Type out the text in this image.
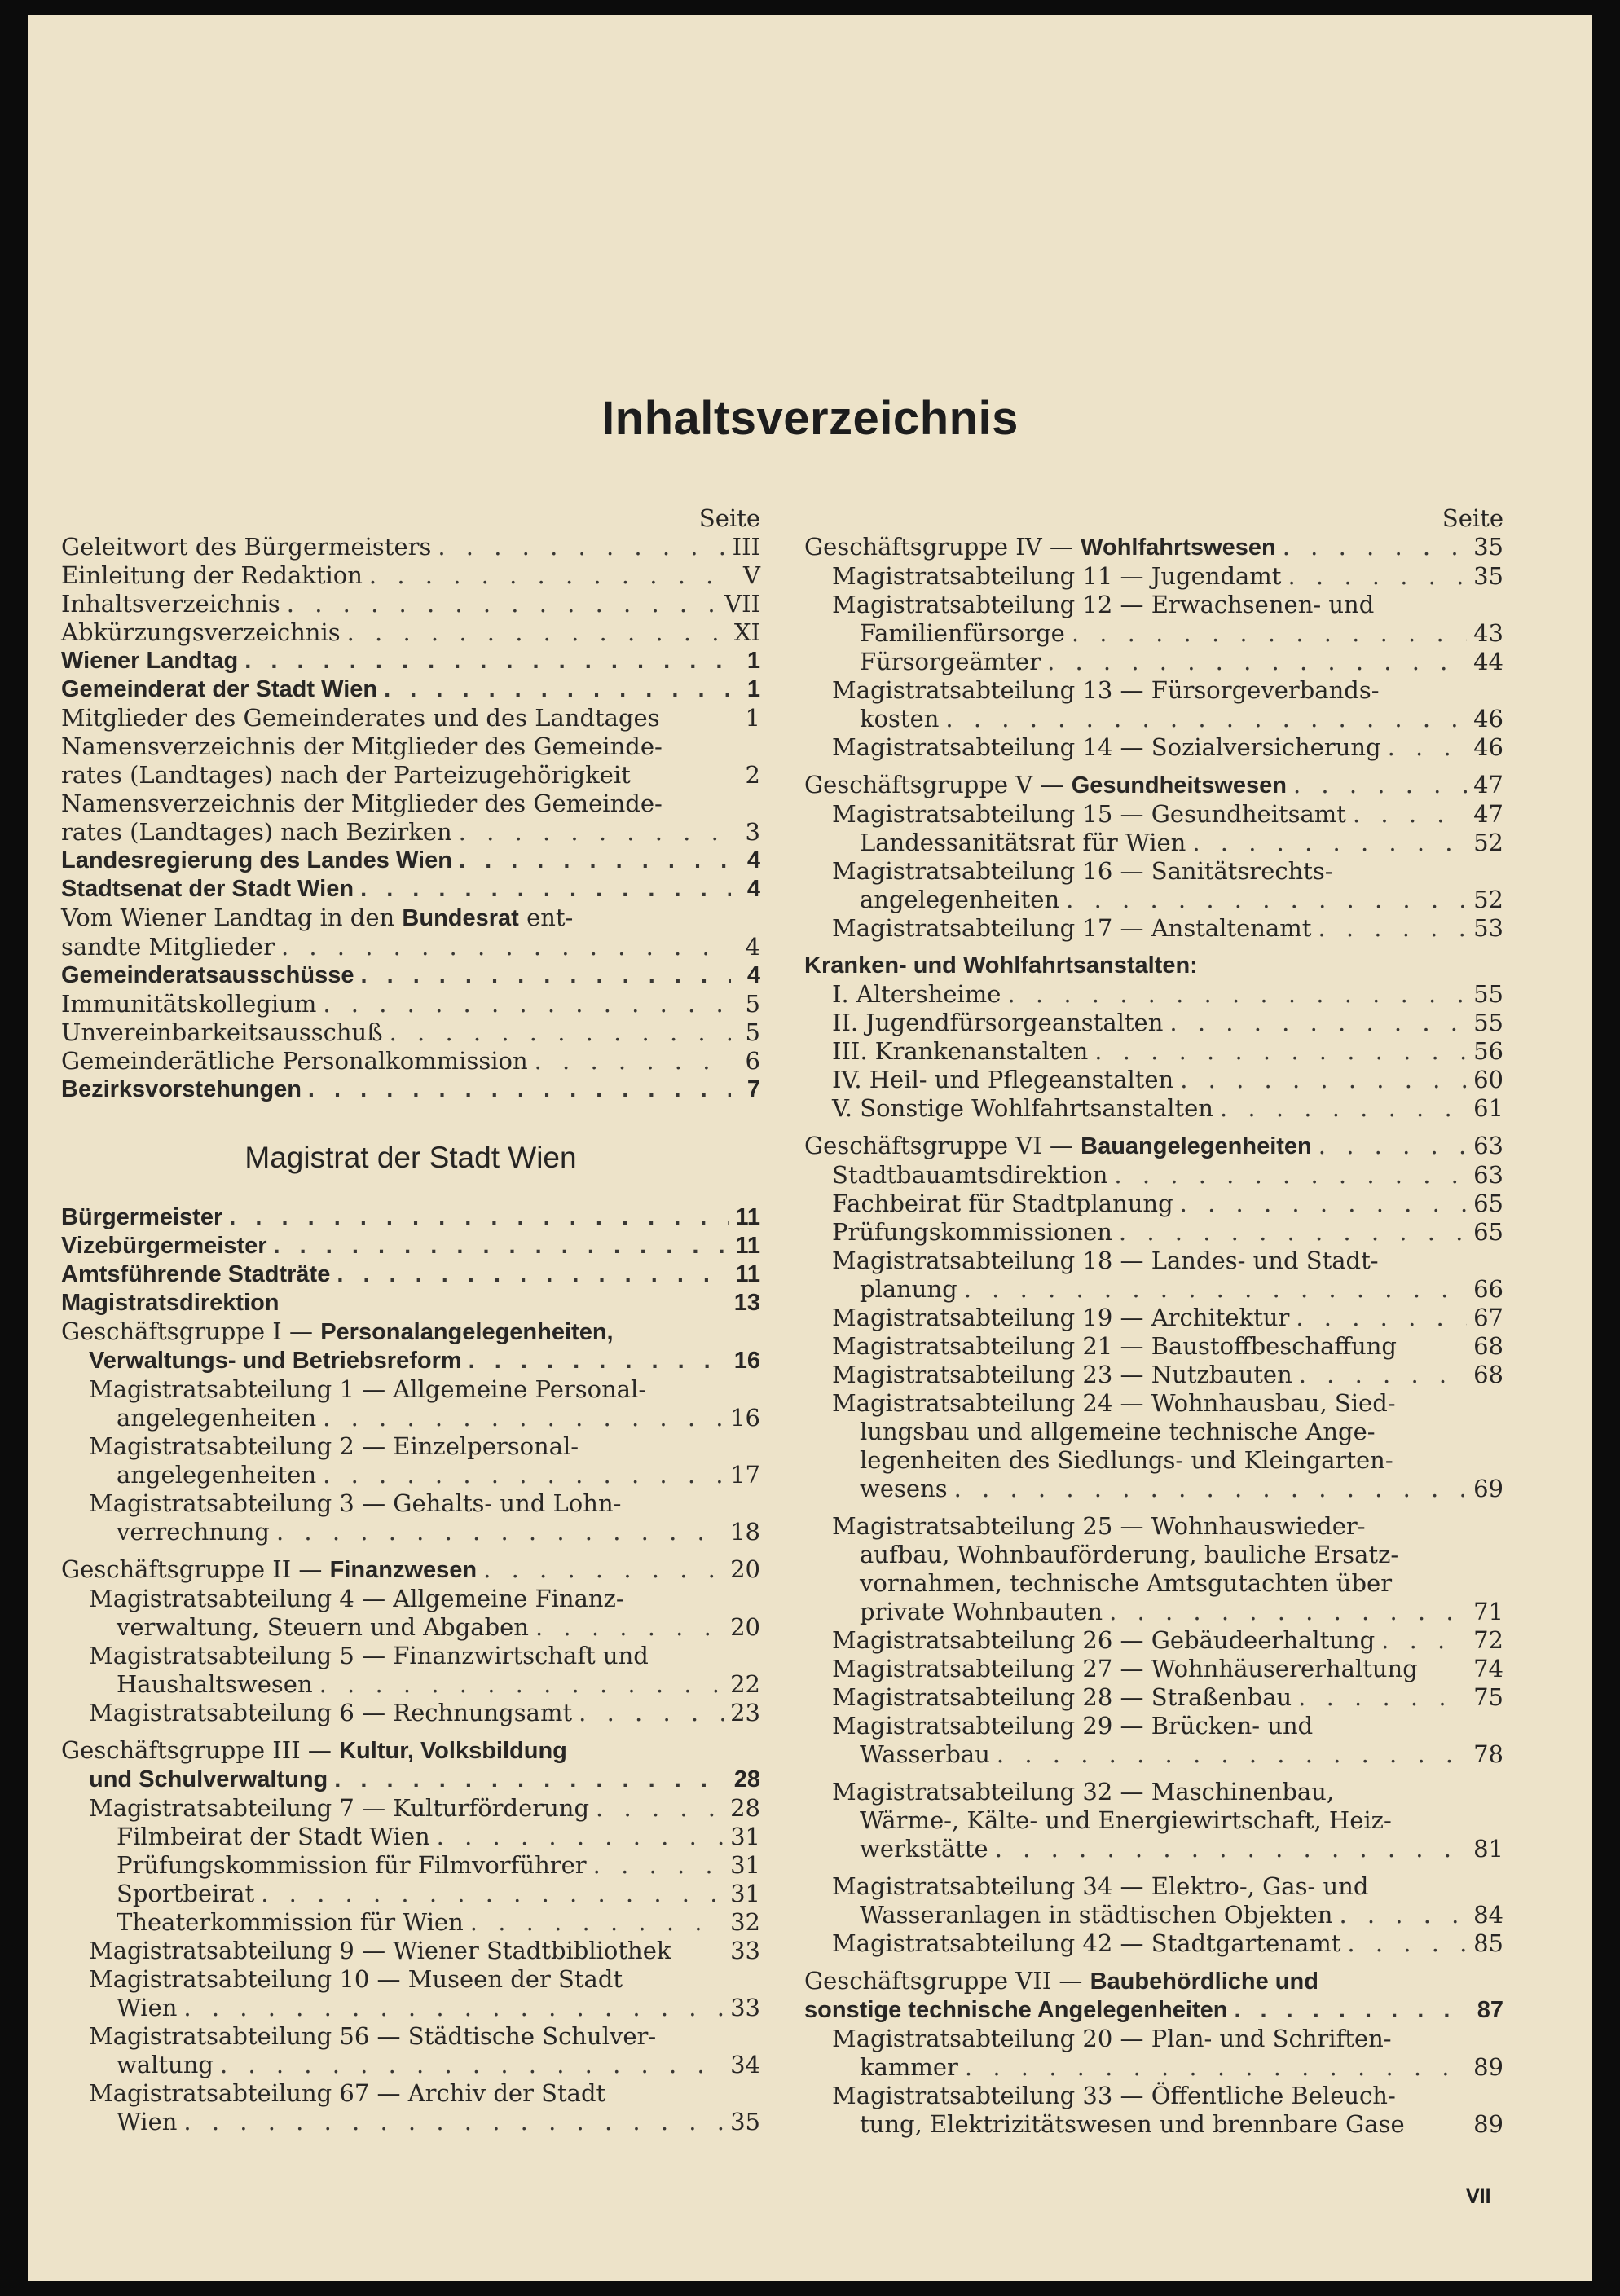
Inhaltsverzeichnis
Seite
Geleitwort des Bürgermeisters . . .	III
Einleitung der Redaktion . . .	V
Inhaltsverzeichnis . . .	VII
Abkürzungsverzeichnis . . .	XI
Wiener Landtag . . .	1
Gemeinderat der Stadt Wien . . .	1
Mitglieder des Gemeinderates und des Landtages	1
Namensverzeichnis der Mitglieder des Gemeinde-
rates (Landtages) nach der Parteizugehörigkeit	2
Namensverzeichnis der Mitglieder des Gemeinde-
rates (Landtages) nach Bezirken . . .	3
Landesregierung des Landes Wien . . .	4
Stadtsenat der Stadt Wien . . .	4
Vom Wiener Landtag in den Bundesrat ent-
sandte Mitglieder . . .	4
Gemeinderatsausschüsse . . .	4
Immunitätskollegium . . .	5
Unvereinbarkeitsausschuß . . .	5
Gemeinderätliche Personalkommission . . .	6
Bezirksvorstehungen . . .	7
Magistrat der Stadt Wien
Bürgermeister . . .	11
Vizebürgermeister . . .	11
Amtsführende Stadträte . . .	11
Magistratsdirektion	13
Geschäftsgruppe I — Personalangelegenheiten,
Verwaltungs- und Betriebsreform . . .	16
Magistratsabteilung 1 — Allgemeine Personal-
angelegenheiten . . .	16
Magistratsabteilung 2 — Einzelpersonal-
angelegenheiten . . .	17
Magistratsabteilung 3 — Gehalts- und Lohn-
verrechnung . . .	18
Geschäftsgruppe II — Finanzwesen . . .	20
Magistratsabteilung 4 — Allgemeine Finanz-
verwaltung, Steuern und Abgaben . . .	20
Magistratsabteilung 5 — Finanzwirtschaft und
Haushaltswesen . . .	22
Magistratsabteilung 6 — Rechnungsamt . . .	23
Geschäftsgruppe III — Kultur, Volksbildung
und Schulverwaltung . . .	28
Magistratsabteilung 7 — Kulturförderung . . .	28
Filmbeirat der Stadt Wien . . .	31
Prüfungskommission für Filmvorführer . . .	31
Sportbeirat . . .	31
Theaterkommission für Wien . . .	32
Magistratsabteilung 9 — Wiener Stadtbibliothek	33
Magistratsabteilung 10 — Museen der Stadt
Wien . . .	33
Magistratsabteilung 56 — Städtische Schulver-
waltung . . .	34
Magistratsabteilung 67 — Archiv der Stadt
Wien . . .	35
Seite
Geschäftsgruppe IV — Wohlfahrtswesen . . .	35
Magistratsabteilung 11 — Jugendamt . . .	35
Magistratsabteilung 12 — Erwachsenen- und
Familienfürsorge . . .	43
Fürsorgeämter . . .	44
Magistratsabteilung 13 — Fürsorgeverbands-
kosten . . .	46
Magistratsabteilung 14 — Sozialversicherung . . .	46
Geschäftsgruppe V — Gesundheitswesen . . .	47
Magistratsabteilung 15 — Gesundheitsamt . . .	47
Landessanitätsrat für Wien . . .	52
Magistratsabteilung 16 — Sanitätsrechts-
angelegenheiten . . .	52
Magistratsabteilung 17 — Anstaltenamt . . .	53
Kranken- und Wohlfahrtsanstalten:
I. Altersheime . . .	55
II. Jugendfürsorgeanstalten . . .	55
III. Krankenanstalten . . .	56
IV. Heil- und Pflegeanstalten . . .	60
V. Sonstige Wohlfahrtsanstalten . . .	61
Geschäftsgruppe VI — Bauangelegenheiten . . .	63
Stadtbauamtsdirektion . . .	63
Fachbeirat für Stadtplanung . . .	65
Prüfungskommissionen . . .	65
Magistratsabteilung 18 — Landes- und Stadt-
planung . . .	66
Magistratsabteilung 19 — Architektur . . .	67
Magistratsabteilung 21 — Baustoffbeschaffung	68
Magistratsabteilung 23 — Nutzbauten . . .	68
Magistratsabteilung 24 — Wohnhausbau, Sied-
lungsbau und allgemeine technische Ange-
legenheiten des Siedlungs- und Kleingarten-
wesens . . .	69
Magistratsabteilung 25 — Wohnhauswieder-
aufbau, Wohnbauförderung, bauliche Ersatz-
vornahmen, technische Amtsgutachten über
private Wohnbauten . . .	71
Magistratsabteilung 26 — Gebäudeerhaltung . . .	72
Magistratsabteilung 27 — Wohnhäusererhaltung 74
Magistratsabteilung 28 — Straßenbau . . .	75
Magistratsabteilung 29 — Brücken- und
Wasserbau . . .	78
Magistratsabteilung 32 — Maschinenbau,
Wärme-, Kälte- und Energiewirtschaft, Heiz-
werkstätte . . .	81
Magistratsabteilung 34 — Elektro-, Gas- und
Wasseranlagen in städtischen Objekten . . .	84
Magistratsabteilung 42 — Stadtgartenamt . . .	85
Geschäftsgruppe VII — Baubehördliche und
sonstige technische Angelegenheiten . . .	87
Magistratsabteilung 20 — Plan- und Schriften-
kammer . . .	89
Magistratsabteilung 33 — Öffentliche Beleuch-
tung, Elektrizitätswesen und brennbare Gase	89
VII
